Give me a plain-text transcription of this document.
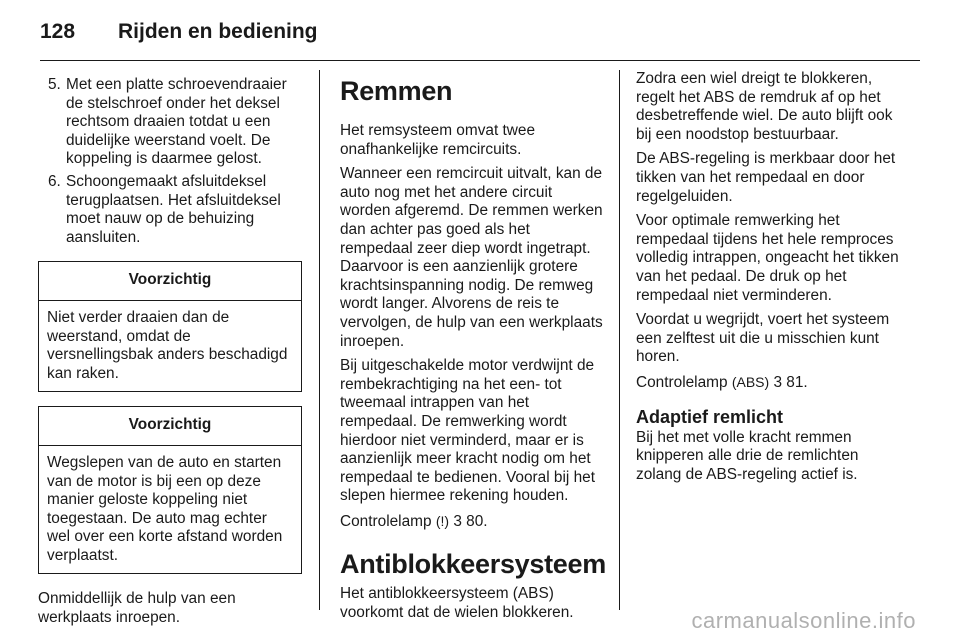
128 Rijden en bediening
5. Met een platte schroevendraaier de stelschroef onder het deksel rechtsom draaien totdat u een duidelijke weerstand voelt. De koppeling is daarmee gelost.
6. Schoongemaakt afsluitdeksel terugplaatsen. Het afsluitdeksel moet nauw op de behuizing aansluiten.
Voorzichtig
Niet verder draaien dan de weerstand, omdat de versnellingsbak anders beschadigd kan raken.
Voorzichtig
Wegslepen van de auto en starten van de motor is bij een op deze manier geloste koppeling niet toegestaan. De auto mag echter wel over een korte afstand worden verplaatst.

Onmiddellijk de hulp van een werkplaats inroepen.

Remmen

Het remsysteem omvat twee onafhankelijke remcircuits.

Wanneer een remcircuit uitvalt, kan de auto nog met het andere circuit worden afgeremd. De remmen werken dan achter pas goed als het rempedaal zeer diep wordt ingetrapt. Daarvoor is een aanzienlijk grotere krachtsinspanning nodig. De remweg wordt langer. Alvorens de reis te vervolgen, de hulp van een werkplaats inroepen.

Bij uitgeschakelde motor verdwijnt de rembekrachtiging na het een- tot tweemaal intrappen van het rempedaal. De remwerking wordt hierdoor niet verminderd, maar er is aanzienlijk meer kracht nodig om het rempedaal te bedienen. Vooral bij het slepen hiermee rekening houden.

Controlelamp (!) 3 80.

Antiblokkeersysteem

Het antiblokkeersysteem (ABS) voorkomt dat de wielen blokkeren.

Zodra een wiel dreigt te blokkeren, regelt het ABS de remdruk af op het desbetreffende wiel. De auto blijft ook bij een noodstop bestuurbaar.

De ABS-regeling is merkbaar door het tikken van het rempedaal en door regelgeluiden.

Voor optimale remwerking het rempedaal tijdens het hele remproces volledig intrappen, ongeacht het tikken van het pedaal. De druk op het rempedaal niet verminderen.

Voordat u wegrijdt, voert het systeem een zelftest uit die u misschien kunt horen.

Controlelamp (ABS) 3 81.

Adaptief remlicht

Bij het met volle kracht remmen knipperen alle drie de remlichten zolang de ABS-regeling actief is.

carmanualsonline.info
